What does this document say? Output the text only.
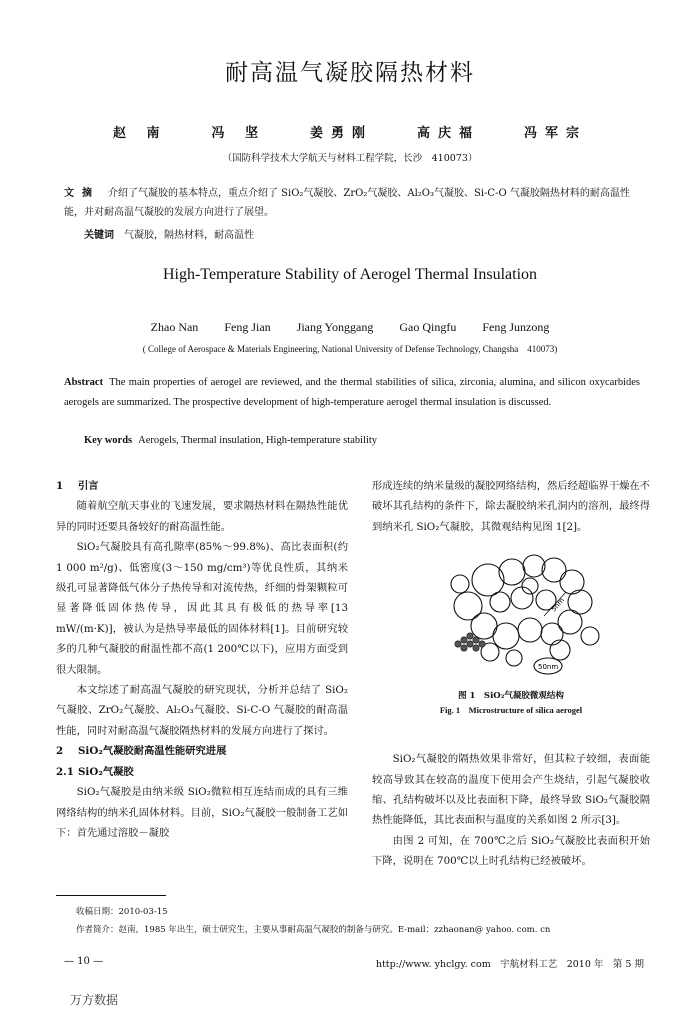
耐高温气凝胶隔热材料
赵 南	冯 坚	姜勇刚	高庆福	冯军宗
（国防科学技术大学航天与材料工程学院，长沙　410073）
文摘 介绍了气凝胶的基本特点，重点介绍了 SiO₂气凝胶、ZrO₂气凝胶、Al₂O₃气凝胶、Si-C-O 气凝胶隔热材料的耐高温性能，并对耐高温气凝胶的发展方向进行了展望。
关键词 气凝胶，隔热材料，耐高温性
High-Temperature Stability of Aerogel Thermal Insulation
Zhao Nan Feng Jian Jiang Yonggang Gao Qingfu Feng Junzong
( College of Aerospace & Materials Engineering, National University of Defense Technology, Changsha　410073)
Abstract The main properties of aerogel are reviewed, and the thermal stabilities of silica, zirconia, alumina, and silicon oxycarbides aerogels are summarized. The prospective development of high-temperature aerogel thermal insulation is discussed.
Key words Aerogels, Thermal insulation, High-temperature stability

1 引言

随着航空航天事业的飞速发展，要求隔热材料在隔热性能优异的同时还要具备较好的耐高温性能。

SiO₂气凝胶具有高孔隙率(85%～99.8%)、高比表面积(约 1 000 m²/g)、低密度(3～150 mg/cm³)等优良性质，其纳米级孔可显著降低气体分子热传导和对流传热，纤细的骨架颗粒可显著降低固体热传导，因此其具有极低的热导率[13 mW/(m·K)]，被认为是热导率最低的固体材料[1]。目前研究较多的几种气凝胶的耐温性都不高(1 200℃以下)，应用方面受到很大限制。

本文综述了耐高温气凝胶的研究现状，分析并总结了 SiO₂气凝胶、ZrO₂气凝胶、Al₂O₃气凝胶、Si-C-O 气凝胶的耐高温性能，同时对耐高温气凝胶隔热材料的发展方向进行了探讨。

2 SiO₂气凝胶耐高温性能研究进展

2.1 SiO₂气凝胶

SiO₂气凝胶是由纳米级 SiO₂微粒相互连结而成的具有三维网络结构的纳米孔固体材料。目前，SiO₂气凝胶一般制备工艺如下：首先通过溶胶－凝胶

形成连续的纳米量级的凝胶网络结构，然后经超临界干燥在不破坏其孔结构的条件下，除去凝胶纳米孔洞内的溶剂，最终得到纳米孔 SiO₂气凝胶，其微观结构见图 1[2]。

SiO₂气凝胶的隔热效果非常好，但其粒子较细，表面能较高导致其在较高的温度下使用会产生烧结，引起气凝胶收缩、孔结构破坏以及比表面积下降，最终导致 SiO₂气凝胶隔热性能降低，其比表面积与温度的关系如图 2 所示[3]。

由图 2 可知，在 700℃之后 SiO₂气凝胶比表面积开始下降，说明在 700℃以上时孔结构已经被破坏。

5nm
50nm
图 1　SiO₂气凝胶微观结构
Fig. 1　Microstructure of silica aerogel
收稿日期：2010-03-15
作者简介：赵南，1985 年出生，硕士研究生，主要从事耐高温气凝胶的制备与研究。E-mail：zzhaonan@ yahoo. com. cn
— 10 —	http://www. yhclgy. com　宇航材料工艺　2010 年　第 5 期
万方数据
